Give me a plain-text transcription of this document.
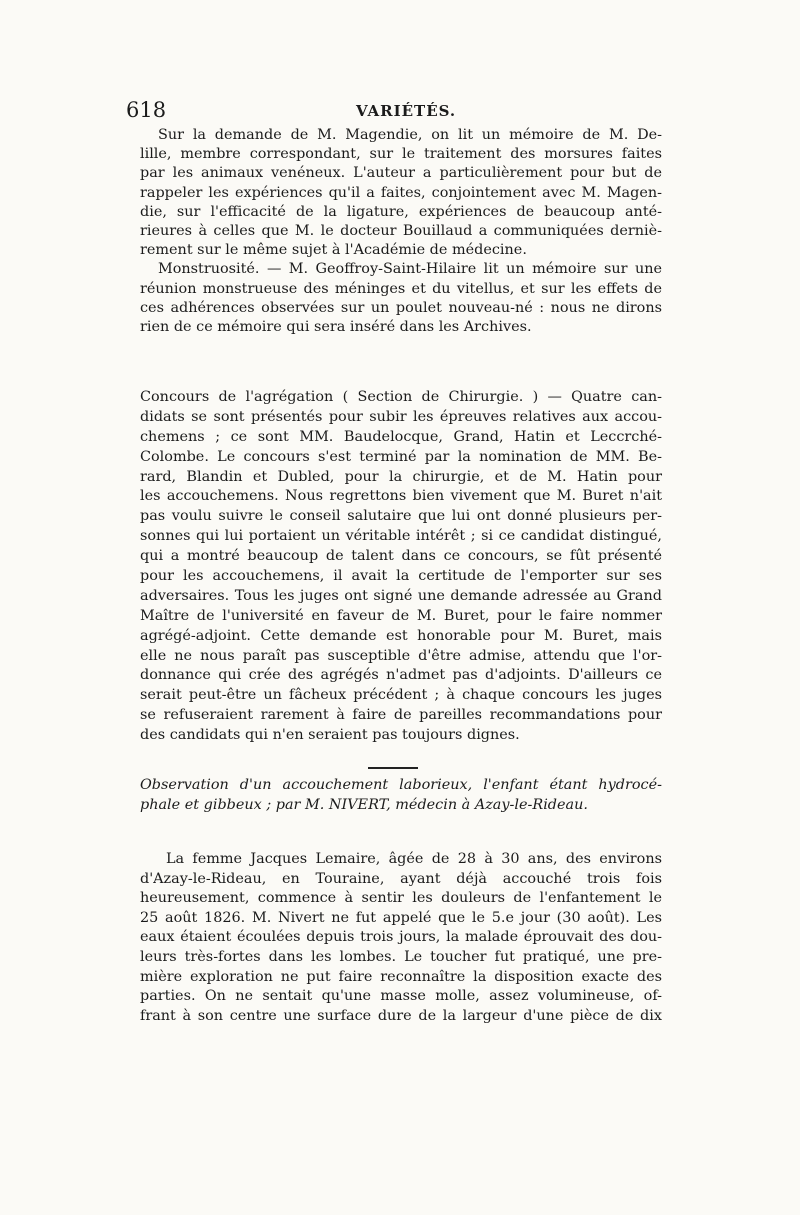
618	VARIÉTÉS.
Sur la demande de M. Magendie, on lit un mémoire de M. De-
lille, membre correspondant, sur le traitement des morsures faites
par les animaux venéneux. L'auteur a particulièrement pour but de
rappeler les expériences qu'il a faites, conjointement avec M. Magen-
die, sur l'efficacité de la ligature, expériences de beaucoup anté-
rieures à celles que M. le docteur Bouillaud a communiquées derniè-
rement sur le même sujet à l'Académie de médecine.
Monstruosité. — M. Geoffroy-Saint-Hilaire lit un mémoire sur une
réunion monstrueuse des méninges et du vitellus, et sur les effets de
ces adhérences observées sur un poulet nouveau-né : nous ne dirons
rien de ce mémoire qui sera inséré dans les Archives.
Concours de l'agrégation ( Section de Chirurgie. ) — Quatre can-
didats se sont présentés pour subir les épreuves relatives aux accou-
chemens ; ce sont MM. Baudelocque, Grand, Hatin et Leccrché-
Colombe. Le concours s'est terminé par la nomination de MM. Be-
rard, Blandin et Dubled, pour la chirurgie, et de M. Hatin pour
les accouchemens. Nous regrettons bien vivement que M. Buret n'ait
pas voulu suivre le conseil salutaire que lui ont donné plusieurs per-
sonnes qui lui portaient un véritable intérêt ; si ce candidat distingué,
qui a montré beaucoup de talent dans ce concours, se fût présenté
pour les accouchemens, il avait la certitude de l'emporter sur ses
adversaires. Tous les juges ont signé une demande adressée au Grand
Maître de l'université en faveur de M. Buret, pour le faire nommer
agrégé-adjoint. Cette demande est honorable pour M. Buret, mais
elle ne nous paraît pas susceptible d'être admise, attendu que l'or-
donnance qui crée des agrégés n'admet pas d'adjoints. D'ailleurs ce
serait peut-être un fâcheux précédent ; à chaque concours les juges
se refuseraient rarement à faire de pareilles recommandations pour
des candidats qui n'en seraient pas toujours dignes.
Observation d'un accouchement laborieux, l'enfant étant hydrocé-
phale et gibbeux ; par M. NIVERT, médecin à Azay-le-Rideau.
La femme Jacques Lemaire, âgée de 28 à 30 ans, des environs
d'Azay-le-Rideau, en Touraine, ayant déjà accouché trois fois
heureusement, commence à sentir les douleurs de l'enfantement le
25 août 1826. M. Nivert ne fut appelé que le 5.e jour (30 août). Les
eaux étaient écoulées depuis trois jours, la malade éprouvait des dou-
leurs très-fortes dans les lombes. Le toucher fut pratiqué, une pre-
mière exploration ne put faire reconnaître la disposition exacte des
parties. On ne sentait qu'une masse molle, assez volumineuse, of-
frant à son centre une surface dure de la largeur d'une pièce de dix
